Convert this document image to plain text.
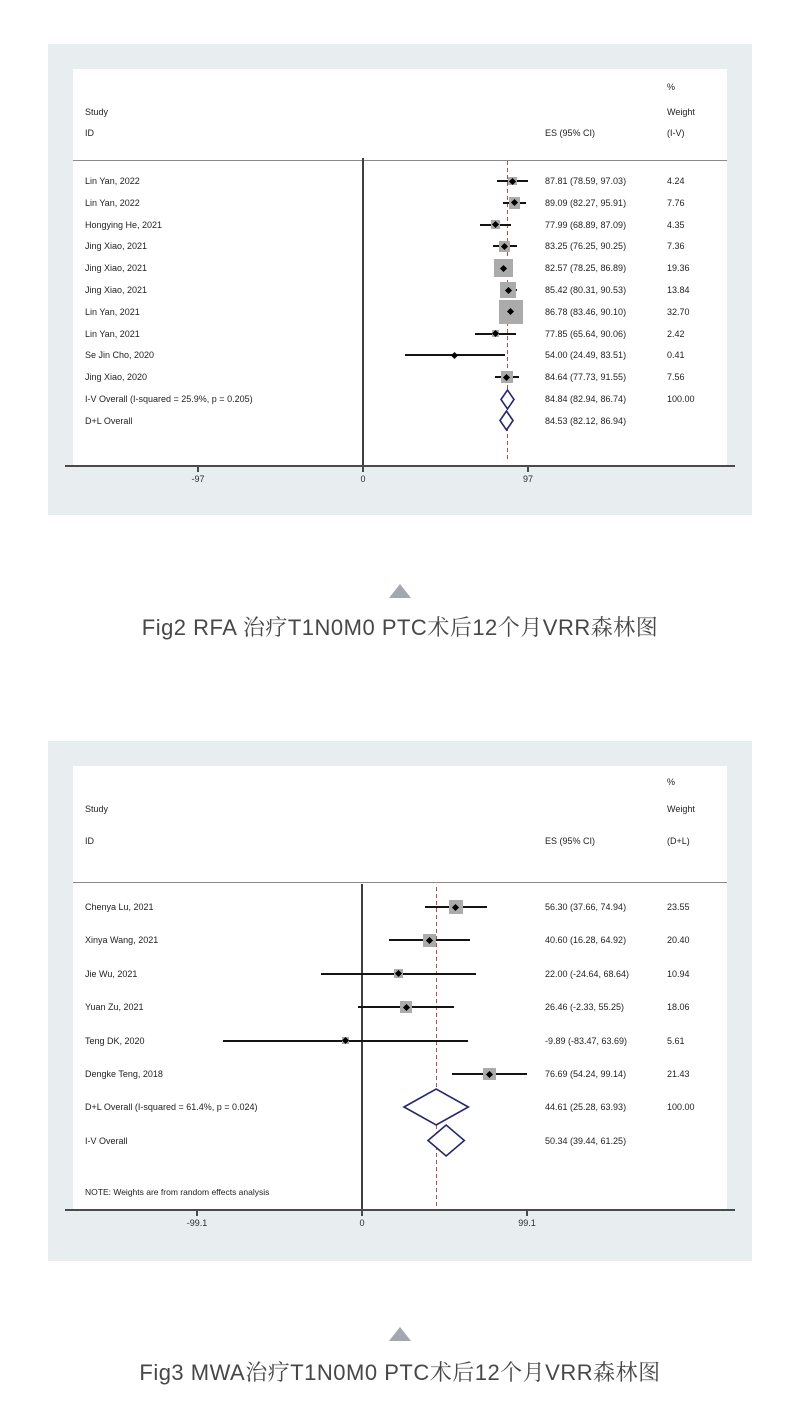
%
Study	Weight
ID	ES (95% CI)	(I-V)
Lin Yan, 2022	87.81 (78.59, 97.03)	4.24
Lin Yan, 2022	89.09 (82.27, 95.91)	7.76
Hongying He, 2021	77.99 (68.89, 87.09)	4.35
Jing Xiao, 2021	83.25 (76.25, 90.25)	7.36
Jing Xiao, 2021	82.57 (78.25, 86.89)	19.36
Jing Xiao, 2021	85.42 (80.31, 90.53)	13.84
Lin Yan, 2021	86.78 (83.46, 90.10)	32.70
Lin Yan, 2021	77.85 (65.64, 90.06)	2.42
Se Jin Cho, 2020	54.00 (24.49, 83.51)	0.41
Jing Xiao, 2020	84.64 (77.73, 91.55)	7.56
I-V Overall (I-squared = 25.9%, p = 0.205)	84.84 (82.94, 86.74)	100.00
D+L Overall	84.53 (82.12, 86.94)
-97	0	97
Fig2 RFA 治疗T1N0M0 PTC术后12个月VRR森林图
%
Study	Weight
ID	ES (95% CI)	(D+L)
Chenya Lu, 2021	56.30 (37.66, 74.94)	23.55
Xinya Wang, 2021	40.60 (16.28, 64.92)	20.40
Jie Wu, 2021	22.00 (-24.64, 68.64)	10.94
Yuan Zu, 2021	26.46 (-2.33, 55.25)	18.06
Teng DK, 2020	-9.89 (-83.47, 63.69)	5.61
Dengke Teng, 2018	76.69 (54.24, 99.14)	21.43
D+L Overall (I-squared = 61.4%, p = 0.024)	44.61 (25.28, 63.93)	100.00
I-V Overall	50.34 (39.44, 61.25)
NOTE: Weights are from random effects analysis
-99.1	0	99.1
Fig3 MWA治疗T1N0M0 PTC术后12个月VRR森林图
